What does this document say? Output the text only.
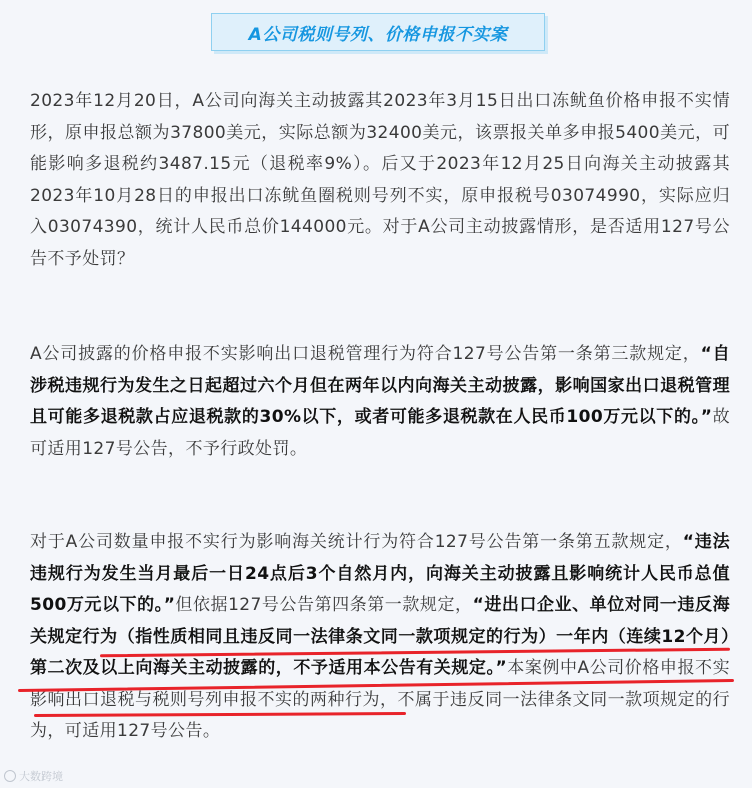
A公司税则号列、价格申报不实案

2023年12月20日，A公司向海关主动披露其2023年3月15日出口冻鱿鱼价格申报不实情形，原申报总额为37800美元，实际总额为32400美元，该票报关单多申报5400美元，可能影响多退税约3487.15元（退税率9%）。后又于2023年12月25日向海关主动披露其2023年10月28日的申报出口冻鱿鱼圈税则号列不实，原申报税号03074990，实际应归入03074390，统计人民币总价144000元。对于A公司主动披露情形，是否适用127号公告不予处罚？

A公司披露的价格申报不实影响出口退税管理行为符合127号公告第一条第三款规定，“自涉税违规行为发生之日起超过六个月但在两年以内向海关主动披露，影响国家出口退税管理且可能多退税款占应退税款的30%以下，或者可能多退税款在人民币100万元以下的。”故可适用127号公告，不予行政处罚。

对于A公司数量申报不实行为影响海关统计行为符合127号公告第一条第五款规定，“违法违规行为发生当月最后一日24点后3个自然月内，向海关主动披露且影响统计人民币总值500万元以下的。”但依据127号公告第四条第一款规定，“进出口企业、单位对同一违反海关规定行为（指性质相同且违反同一法律条文同一款项规定的行为）一年内（连续12个月）第二次及以上向海关主动披露的，不予适用本公告有关规定。”本案例中A公司价格申报不实影响出口退税与税则号列申报不实的两种行为，不属于违反同一法律条文同一款项规定的行为，可适用127号公告。

大数跨境
